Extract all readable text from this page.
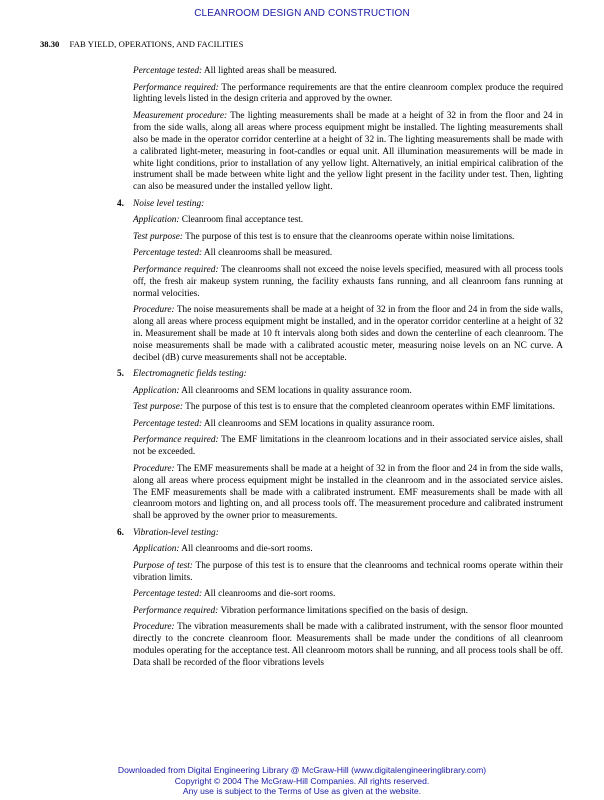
CLEANROOM DESIGN AND CONSTRUCTION
38.30 FAB YIELD, OPERATIONS, AND FACILITIES

Percentage tested: All lighted areas shall be measured.

Performance required: The performance requirements are that the entire cleanroom complex produce the required lighting levels listed in the design criteria and approved by the owner.

Measurement procedure: The lighting measurements shall be made at a height of 32 in from the floor and 24 in from the side walls, along all areas where process equipment might be installed. The lighting measurements shall also be made in the operator corridor centerline at a height of 32 in. The lighting measurements shall be made with a calibrated light-meter, measuring in foot-candles or equal unit. All illumination measurements will be made in white light conditions, prior to installation of any yellow light. Alternatively, an initial empirical calibration of the instrument shall be made between white light and the yellow light present in the facility under test. Then, lighting can also be measured under the installed yellow light.

4. Noise level testing:

Application: Cleanroom final acceptance test.

Test purpose: The purpose of this test is to ensure that the cleanrooms operate within noise limitations.

Percentage tested: All cleanrooms shall be measured.

Performance required: The cleanrooms shall not exceed the noise levels specified, measured with all process tools off, the fresh air makeup system running, the facility exhausts fans running, and all cleanroom fans running at normal velocities.

Procedure: The noise measurements shall be made at a height of 32 in from the floor and 24 in from the side walls, along all areas where process equipment might be installed, and in the operator corridor centerline at a height of 32 in. Measurement shall be made at 10 ft intervals along both sides and down the centerline of each cleanroom. The noise measurements shall be made with a calibrated acoustic meter, measuring noise levels on an NC curve. A decibel (dB) curve measurements shall not be acceptable.

5. Electromagnetic fields testing:

Application: All cleanrooms and SEM locations in quality assurance room.

Test purpose: The purpose of this test is to ensure that the completed cleanroom operates within EMF limitations.

Percentage tested: All cleanrooms and SEM locations in quality assurance room.

Performance required: The EMF limitations in the cleanroom locations and in their associated service aisles, shall not be exceeded.

Procedure: The EMF measurements shall be made at a height of 32 in from the floor and 24 in from the side walls, along all areas where process equipment might be installed in the cleanroom and in the associated service aisles. The EMF measurements shall be made with a calibrated instrument. EMF measurements shall be made with all cleanroom motors and lighting on, and all process tools off. The measurement procedure and calibrated instrument shall be approved by the owner prior to measurements.

6. Vibration-level testing:

Application: All cleanrooms and die-sort rooms.

Purpose of test: The purpose of this test is to ensure that the cleanrooms and technical rooms operate within their vibration limits.

Percentage tested: All cleanrooms and die-sort rooms.

Performance required: Vibration performance limitations specified on the basis of design.

Procedure: The vibration measurements shall be made with a calibrated instrument, with the sensor floor mounted directly to the concrete cleanroom floor. Measurements shall be made under the conditions of all cleanroom modules operating for the acceptance test. All cleanroom motors shall be running, and all process tools shall be off. Data shall be recorded of the floor vibrations levels

Downloaded from Digital Engineering Library @ McGraw-Hill (www.digitalengineeringlibrary.com)
Copyright © 2004 The McGraw-Hill Companies. All rights reserved.
Any use is subject to the Terms of Use as given at the website.
